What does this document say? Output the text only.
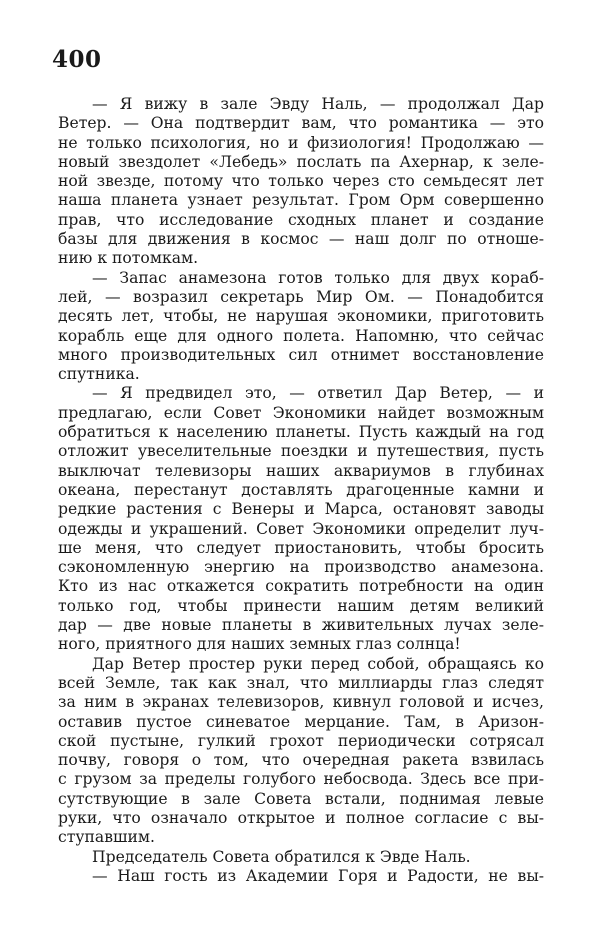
400
— Я вижу в зале Эвду Наль, — продолжал Дар
Ветер. — Она подтвердит вам, что романтика — это
не только психология, но и физиология! Продолжаю —
новый звездолет «Лебедь» послать па Ахернар, к зеле-
ной звезде, потому что только через сто семьдесят лет
наша планета узнает результат. Гром Орм совершенно
прав, что исследование сходных планет и создание
базы для движения в космос — наш долг по отноше-
нию к потомкам.
— Запас анамезона готов только для двух кораб-
лей, — возразил секретарь Мир Ом. — Понадобится
десять лет, чтобы, не нарушая экономики, приготовить
корабль еще для одного полета. Напомню, что сейчас
много производительных сил отнимет восстановление
спутника.
— Я предвидел это, — ответил Дар Ветер, — и
предлагаю, если Совет Экономики найдет возможным
обратиться к населению планеты. Пусть каждый на год
отложит увеселительные поездки и путешествия, пусть
выключат телевизоры наших аквариумов в глубинах
океана, перестанут доставлять драгоценные камни и
редкие растения с Венеры и Марса, остановят заводы
одежды и украшений. Совет Экономики определит луч-
ше меня, что следует приостановить, чтобы бросить
сэкономленную энергию на производство анамезона.
Кто из нас откажется сократить потребности на один
только год, чтобы принести нашим детям великий
дар — две новые планеты в живительных лучах зеле-
ного, приятного для наших земных глаз солнца!
Дар Ветер простер руки перед собой, обращаясь ко
всей Земле, так как знал, что миллиарды глаз следят
за ним в экранах телевизоров, кивнул головой и исчез,
оставив пустое синеватое мерцание. Там, в Аризон-
ской пустыне, гулкий грохот периодически сотрясал
почву, говоря о том, что очередная ракета взвилась
с грузом за пределы голубого небосвода. Здесь все при-
сутствующие в зале Совета встали, поднимая левые
руки, что означало открытое и полное согласие с вы-
ступавшим.
Председатель Совета обратился к Эвде Наль.
— Наш гость из Академии Горя и Радости, не вы-
